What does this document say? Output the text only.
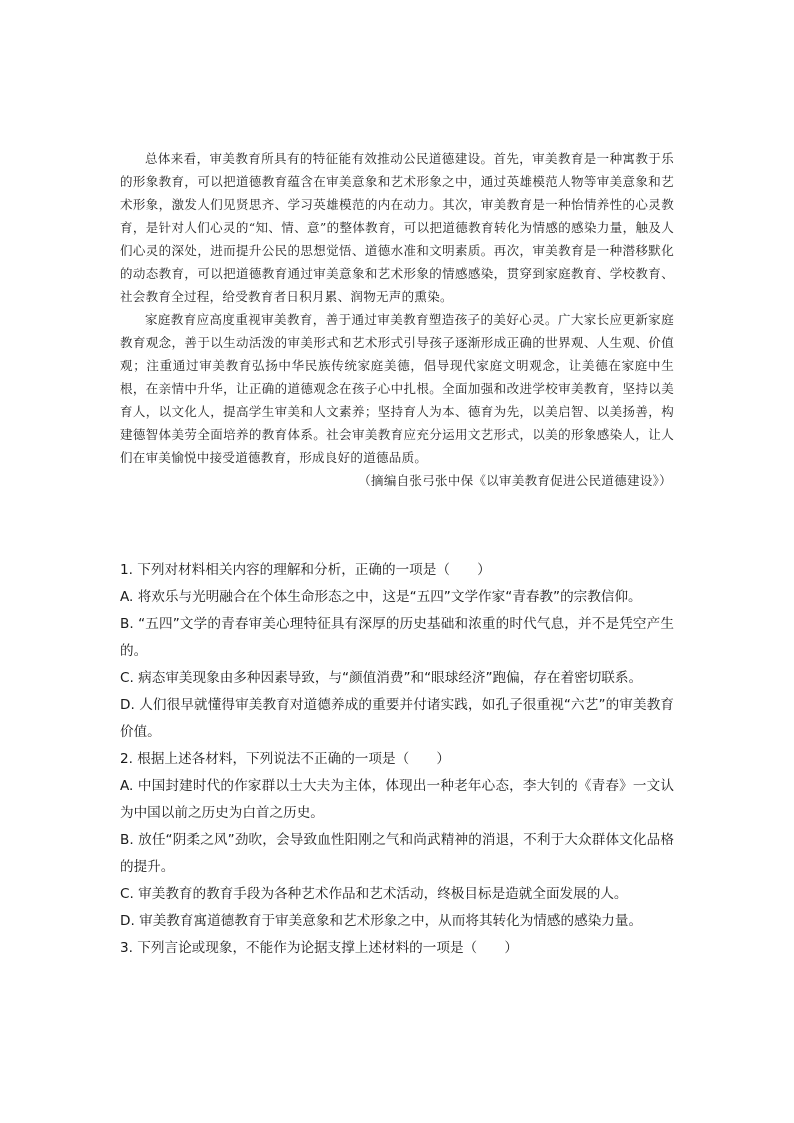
总体来看，审美教育所具有的特征能有效推动公民道德建设。首先，审美教育是一种寓教于乐的形象教育，可以把道德教育蕴含在审美意象和艺术形象之中，通过英雄模范人物等审美意象和艺术形象，激发人们见贤思齐、学习英雄模范的内在动力。其次，审美教育是一种怡情养性的心灵教育，是针对人们心灵的“知、情、意”的整体教育，可以把道德教育转化为情感的感染力量，触及人们心灵的深处，进而提升公民的思想觉悟、道德水准和文明素质。再次，审美教育是一种潜移默化的动态教育，可以把道德教育通过审美意象和艺术形象的情感感染，贯穿到家庭教育、学校教育、社会教育全过程，给受教育者日积月累、润物无声的熏染。

家庭教育应高度重视审美教育，善于通过审美教育塑造孩子的美好心灵。广大家长应更新家庭教育观念，善于以生动活泼的审美形式和艺术形式引导孩子逐渐形成正确的世界观、人生观、价值观；注重通过审美教育弘扬中华民族传统家庭美德，倡导现代家庭文明观念，让美德在家庭中生根，在亲情中升华，让正确的道德观念在孩子心中扎根。全面加强和改进学校审美教育，坚持以美育人，以文化人，提高学生审美和人文素养；坚持育人为本、德育为先，以美启智、以美扬善，构建德智体美劳全面培养的教育体系。社会审美教育应充分运用文艺形式，以美的形象感染人，让人们在审美愉悦中接受道德教育，形成良好的道德品质。

（摘编自张弓张中保《以审美教育促进公民道德建设》）

1. 下列对材料相关内容的理解和分析，正确的一项是（　　）

A. 将欢乐与光明融合在个体生命形态之中，这是“五四”文学作家“青春教”的宗教信仰。

B. “五四”文学的青春审美心理特征具有深厚的历史基础和浓重的时代气息，并不是凭空产生的。

C. 病态审美现象由多种因素导致，与“颜值消费”和“眼球经济”跑偏，存在着密切联系。

D. 人们很早就懂得审美教育对道德养成的重要并付诸实践，如孔子很重视“六艺”的审美教育价值。

2. 根据上述各材料，下列说法不正确的一项是（　　）

A. 中国封建时代的作家群以士大夫为主体，体现出一种老年心态，李大钊的《青春》一文认为中国以前之历史为白首之历史。

B. 放任“阴柔之风”劲吹，会导致血性阳刚之气和尚武精神的消退，不利于大众群体文化品格的提升。

C. 审美教育的教育手段为各种艺术作品和艺术活动，终极目标是造就全面发展的人。

D. 审美教育寓道德教育于审美意象和艺术形象之中，从而将其转化为情感的感染力量。

3. 下列言论或现象，不能作为论据支撑上述材料的一项是（　　）
